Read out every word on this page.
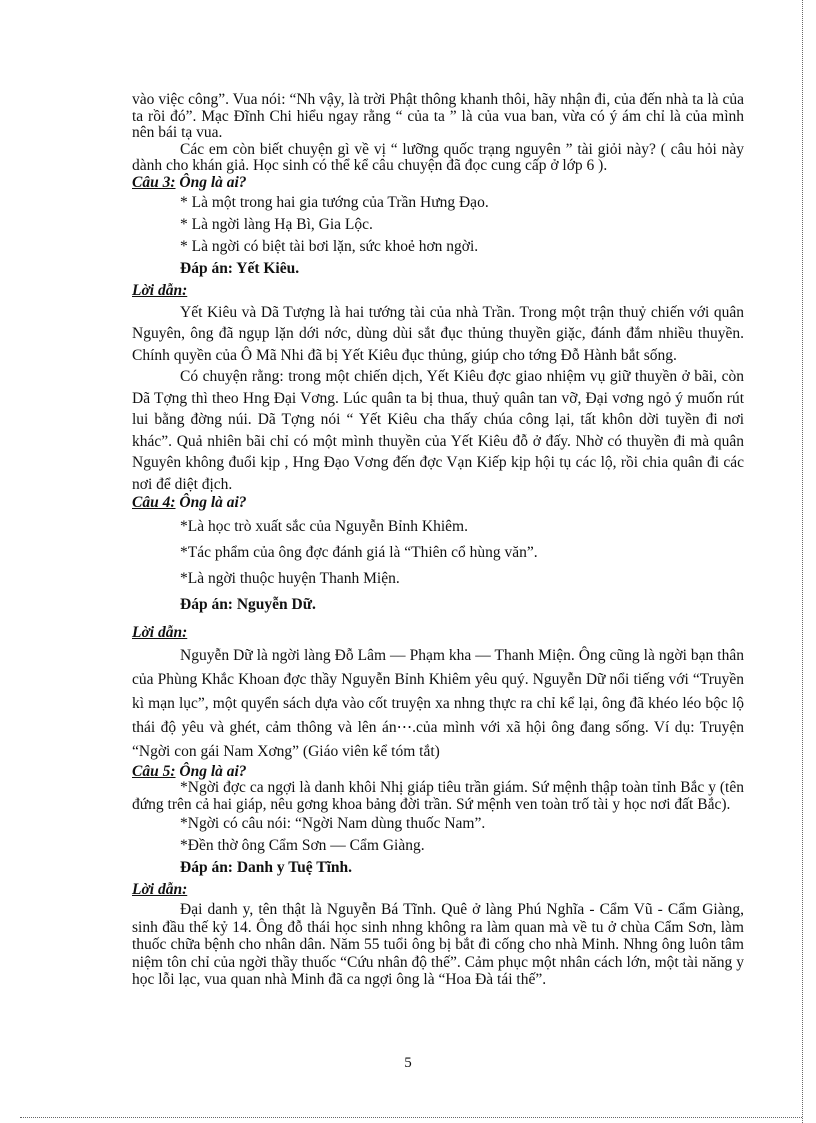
vào việc công”. Vua nói: “Nh vậy, là trời Phật thông khanh thôi, hãy nhận đi, của đến nhà ta là của ta rồi đó”. Mạc Đĩnh Chi hiểu ngay rằng “ của ta ” là của vua ban, vừa có ý ám chỉ là của mình nên bái tạ vua.

Các em còn biết chuyện gì về vị “ lưỡng quốc trạng nguyên ” tài giỏi này? ( câu hỏi này dành cho khán giả. Học sinh có thể kể câu chuyện đã đọc cung cấp ở lớp 6 ).

Câu 3: Ông là ai?

* Là một trong hai gia tướng của Trần Hưng Đạo.

* Là ngời làng Hạ Bì, Gia Lộc.

* Là ngời có biệt tài bơi lặn, sức khoẻ hơn ngời.

Đáp án: Yết Kiêu.

Lời dẫn:

Yết Kiêu và Dã Tượng là hai tướng tài của nhà Trần. Trong một trận thuỷ chiến với quân Nguyên, ông đã ngụp lặn dới nớc, dùng dùi sắt đục thủng thuyền giặc, đánh đắm nhiều thuyền. Chính quyền của Ô Mã Nhi đã bị Yết Kiêu đục thủng, giúp cho tớng Đỗ Hành bắt sống.

Có chuyện rằng: trong một chiến dịch, Yết Kiêu đợc giao nhiệm vụ giữ thuyền ở bãi, còn Dã Tợng thì theo Hng Đại Vơng. Lúc quân ta bị thua, thuỷ quân tan vỡ, Đại vơng ngỏ ý muốn rút lui bằng đờng núi. Dã Tợng nói “ Yết Kiêu cha thấy chúa công lại, tất khôn dời tuyền đi nơi khác”. Quả nhiên bãi chỉ có một mình thuyền của Yết Kiêu đỗ ở đấy. Nhờ có thuyền đi mà quân Nguyên không đuổi kịp , Hng Đạo Vơng đến đợc Vạn Kiếp kịp hội tụ các lộ, rồi chia quân đi các nơi để diệt địch.

Câu 4: Ông là ai?

*Là học trò xuất sắc của Nguyễn Bỉnh Khiêm.

*Tác phẩm của ông đợc đánh giá là “Thiên cổ hùng văn”.

*Là ngời thuộc huyện Thanh Miện.

Đáp án: Nguyễn Dữ.

Lời dẫn:

Nguyễn Dữ là ngời làng Đỗ Lâm — Phạm kha — Thanh Miện. Ông cũng là ngời bạn thân của Phùng Khắc Khoan đợc thầy Nguyễn Bỉnh Khiêm yêu quý. Nguyễn Dữ nổi tiếng với “Truyền kì mạn lục”, một quyển sách dựa vào cốt truyện xa nhng thực ra chỉ kể lại, ông đã khéo léo bộc lộ thái độ yêu và ghét, cảm thông và lên án⋯.của mình với xã hội ông đang sống. Ví dụ: Truyện “Ngời con gái Nam Xơng” (Giáo viên kể tóm tắt)

Câu 5: Ông là ai?

*Ngời đợc ca ngợi là danh khôi Nhị giáp tiêu trần giám. Sứ mệnh thập toàn tỉnh Bắc y (tên đứng trên cả hai giáp, nêu gơng khoa bảng đời trần. Sứ mệnh ven toàn trố tài y học nơi đất Bắc).

*Ngời có câu nói: “Ngời Nam dùng thuốc Nam”.

*Đền thờ ông Cẩm Sơn — Cẩm Giàng.

Đáp án: Danh y Tuệ Tĩnh.

Lời dẫn:

Đại danh y, tên thật là Nguyễn Bá Tĩnh. Quê ở làng Phú Nghĩa - Cẩm Vũ - Cẩm Giàng, sinh đầu thế kỷ 14. Ông đỗ thái học sinh nhng không ra làm quan mà về tu ở chùa Cẩm Sơn, làm thuốc chữa bệnh cho nhân dân. Năm 55 tuổi ông bị bắt đi cống cho nhà Minh. Nhng ông luôn tâm niệm tôn chỉ của ngời thầy thuốc “Cứu nhân độ thế”. Cảm phục một nhân cách lớn, một tài năng y học lỗi lạc, vua quan nhà Minh đã ca ngợi ông là “Hoa Đà tái thế”.

5
